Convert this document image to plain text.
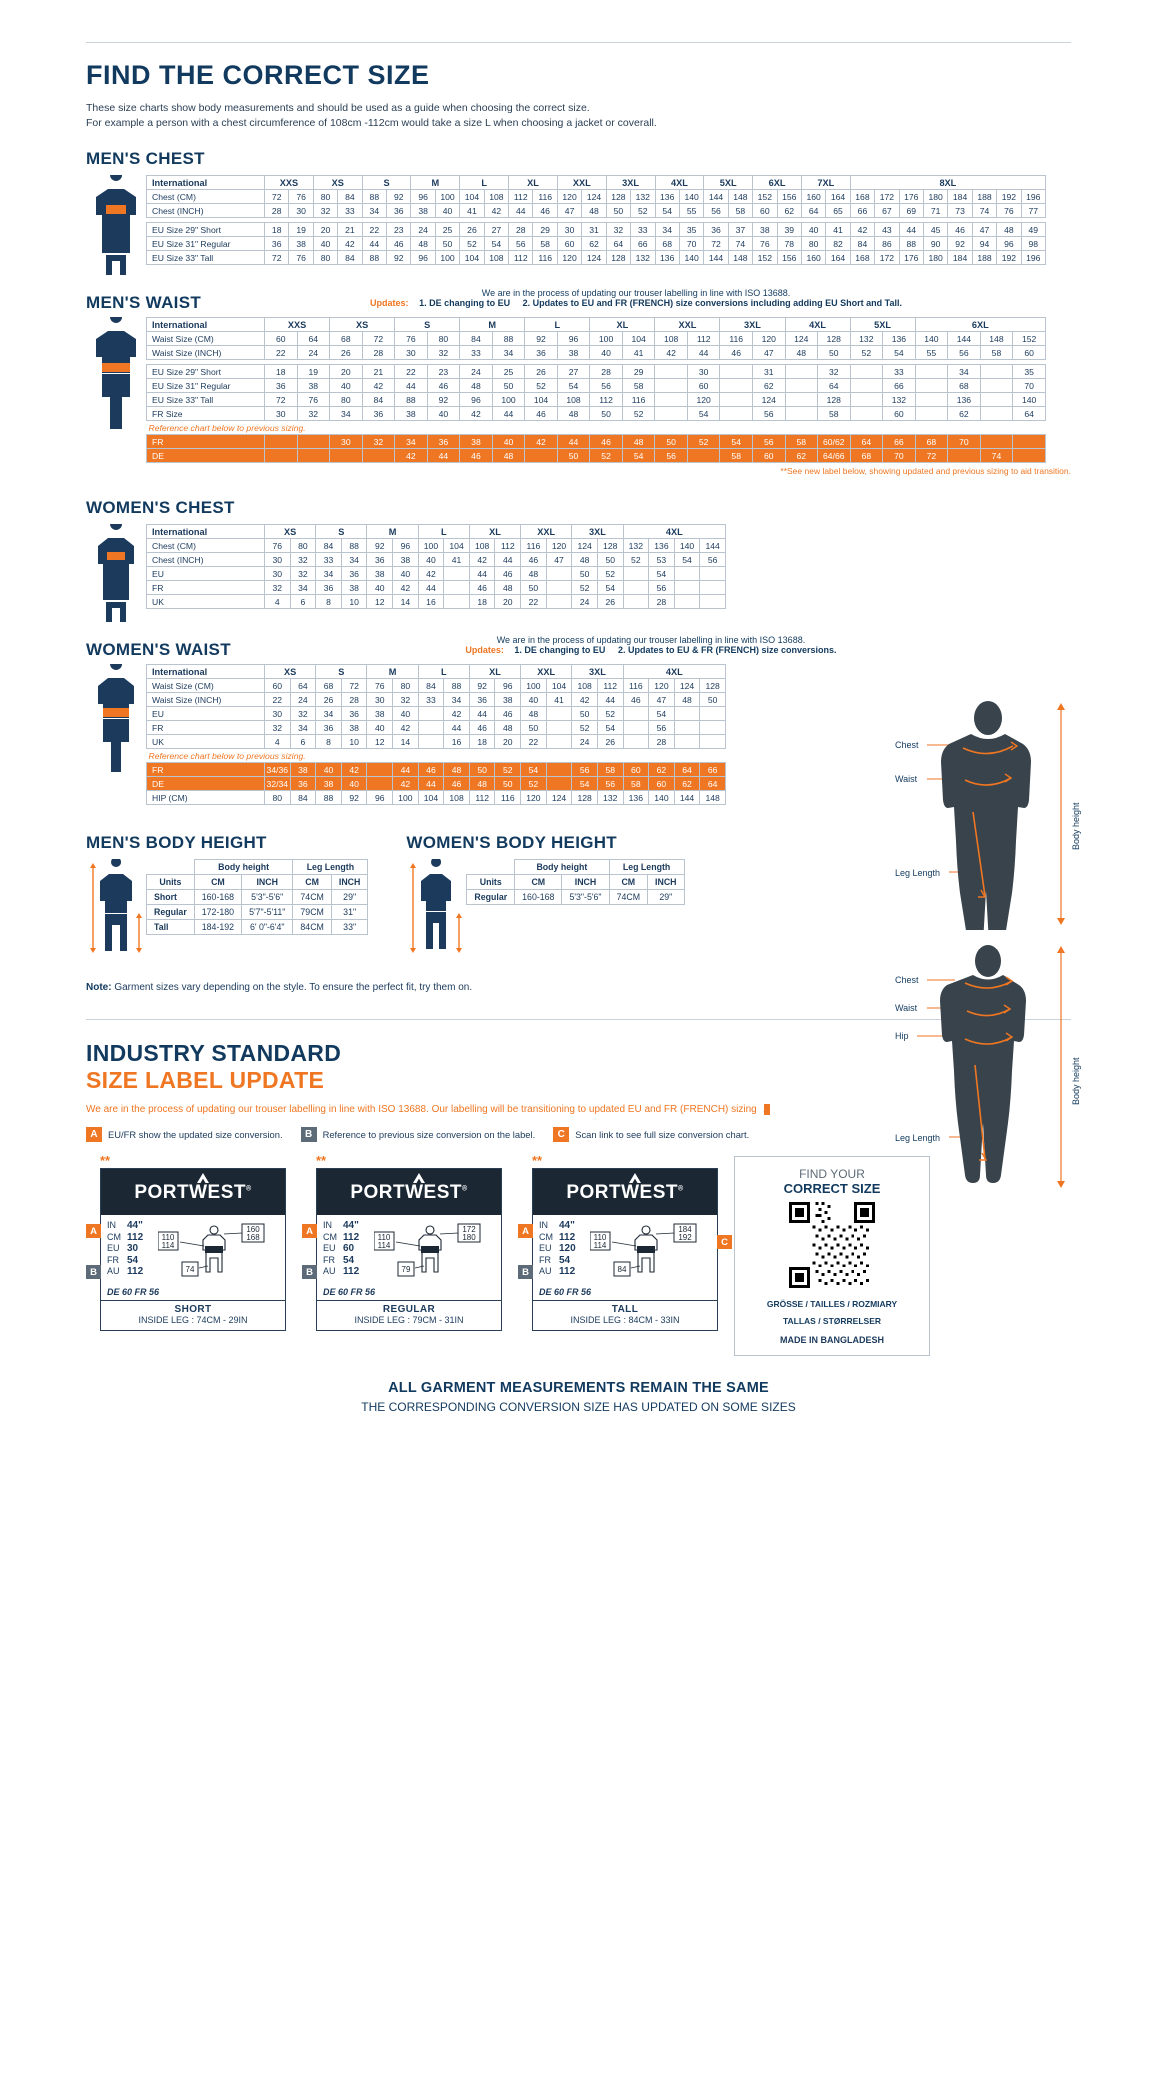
FIND THE CORRECT SIZE
These size charts show body measurements and should be used as a guide when choosing the correct size.
For example a person with a chest circumference of 108cm -112cm would take a size L when choosing a jacket or coverall.
MEN'S CHEST
International	XXS		XS		S		M		L		XL		XXL		3XL		4XL		5XL		6XL		7XL		8XL							
Chest (CM)	72	76	80	84	88	92	96	100	104	108	112	116	120	124	128	132	136	140	144	148	152	156	160	164	168	172	176	180	184	188	192	196
Chest (INCH)	28	30	32	33	34	36	38	40	41	42	44	46	47	48	50	52	54	55	56	58	60	62	64	65	66	67	69	71	73	74	76	77

EU Size 29" Short	18	19	20	21	22	23	24	25	26	27	28	29	30	31	32	33	34	35	36	37	38	39	40	41	42	43	44	45	46	47	48	49
EU Size 31" Regular	36	38	40	42	44	46	48	50	52	54	56	58	60	62	64	66	68	70	72	74	76	78	80	82	84	86	88	90	92	94	96	98
EU Size 33" Tall	72	76	80	84	88	92	96	100	104	108	112	116	120	124	128	132	136	140	144	148	152	156	160	164	168	172	176	180	184	188	192	196
MEN'S WAIST	We are in the process of updating our trouser labelling in line with ISO 13688.
Updates: 1. DE changing to EU 2. Updates to EU and FR (FRENCH) size conversions including adding EU Short and Tall.
International	XXS		XS		S		M		L		XL		XXL		3XL		4XL		5XL		6XL			
Waist Size (CM)	60	64	68	72	76	80	84	88	92	96	100	104	108	112	116	120	124	128	132	136	140	144	148	152
Waist Size (INCH)	22	24	26	28	30	32	33	34	36	38	40	41	42	44	46	47	48	50	52	54	55	56	58	60

EU Size 29" Short	18	19	20	21	22	23	24	25	26	27	28	29		30		31		32		33		34		35
EU Size 31" Regular	36	38	40	42	44	46	48	50	52	54	56	58		60		62		64		66		68		70
EU Size 33" Tall	72	76	80	84	88	92	96	100	104	108	112	116		120		124		128		132		136		140
FR Size	30	32	34	36	38	40	42	44	46	48	50	52		54		56		58		60		62		64
Reference chart below to previous sizing.																								
FR			30	32	34	36	38	40	42	44	46	48	50	52	54	56	58	60/62	64	66	68	70		
DE					42	44	46	48		50	52	54	56		58	60	62	64/66	68	70	72		74	
**See new label below, showing updated and previous sizing to aid transition.
WOMEN'S CHEST
International	XS		S		M		L		XL		XXL		3XL		4XL			
Chest (CM)	76	80	84	88	92	96	100	104	108	112	116	120	124	128	132	136	140	144
Chest (INCH)	30	32	33	34	36	38	40	41	42	44	46	47	48	50	52	53	54	56
EU	30	32	34	36	38	40	42		44	46	48		50	52		54		
FR	32	34	36	38	40	42	44		46	48	50		52	54		56		
UK	4	6	8	10	12	14	16		18	20	22		24	26		28		
WOMEN'S WAIST	We are in the process of updating our trouser labelling in line with ISO 13688.
Updates: 1. DE changing to EU 2. Updates to EU & FR (FRENCH) size conversions.
International	XS		S		M		L		XL		XXL		3XL		4XL			
Waist Size (CM)	60	64	68	72	76	80	84	88	92	96	100	104	108	112	116	120	124	128
Waist Size (INCH)	22	24	26	28	30	32	33	34	36	38	40	41	42	44	46	47	48	50
EU	30	32	34	36	38	40		42	44	46	48		50	52		54		
FR	32	34	36	38	40	42		44	46	48	50		52	54		56		
UK	4	6	8	10	12	14		16	18	20	22		24	26		28		
Reference chart below to previous sizing.																		
FR	34/36	38	40	42		44	46	48	50	52	54		56	58	60	62	64	66
DE	32/34	36	38	40		42	44	46	48	50	52		54	56	58	60	62	64
HIP (CM)	80	84	88	92	96	100	104	108	112	116	120	124	128	132	136	140	144	148
MEN'S BODY HEIGHT
	Body height		Leg Length	
Units	CM	INCH	CM	INCH
Short	160-168	5'3"-5'6"	74CM	29"
Regular	172-180	5'7"-5'11"	79CM	31"
Tall	184-192	6' 0"-6'4"	84CM	33"
WOMEN'S BODY HEIGHT
	Body height		Leg Length	
Units	CM	INCH	CM	INCH
Regular	160-168	5'3"-5'6"	74CM	29"
Note: Garment sizes vary depending on the style. To ensure the perfect fit, try them on.
INDUSTRY STANDARD
SIZE LABEL UPDATE
We are in the process of updating our trouser labelling in line with ISO 13688. Our labelling will be transitioning to updated EU and FR (FRENCH) sizing A
A	EU/FR show the updated size conversion.	B	Reference to previous size conversion on the label.	C	Scan link to see full size conversion chart.
**
PORTWEST®
IN 44"
CM 112
EU 30
FR 54
AU 112
110
114
160
168
74
DE 60 FR 56
SHORT
INSIDE LEG : 74CM - 29IN
A
B
**
PORTWEST®
IN 44"
CM 112
EU 60
FR 54
AU 112
110
114
172
180
79
DE 60 FR 56
REGULAR
INSIDE LEG : 79CM - 31IN
A
B
**
PORTWEST®
IN 44"
CM 112
EU 120
FR 54
AU 112
110
114
184
192
84
DE 60 FR 56
TALL
INSIDE LEG : 84CM - 33IN
A
B
C
FIND YOUR
CORRECT SIZE
GRÖSSE / TAILLES / ROZMIARY
TALLAS / STØRRELSER
MADE IN BANGLADESH
ALL GARMENT MEASUREMENTS REMAIN THE SAME
THE CORRESPONDING CONVERSION SIZE HAS UPDATED ON SOME SIZES
Chest
Waist
Leg Length
Body height
Chest
Waist
Hip
Leg Length
Body height
